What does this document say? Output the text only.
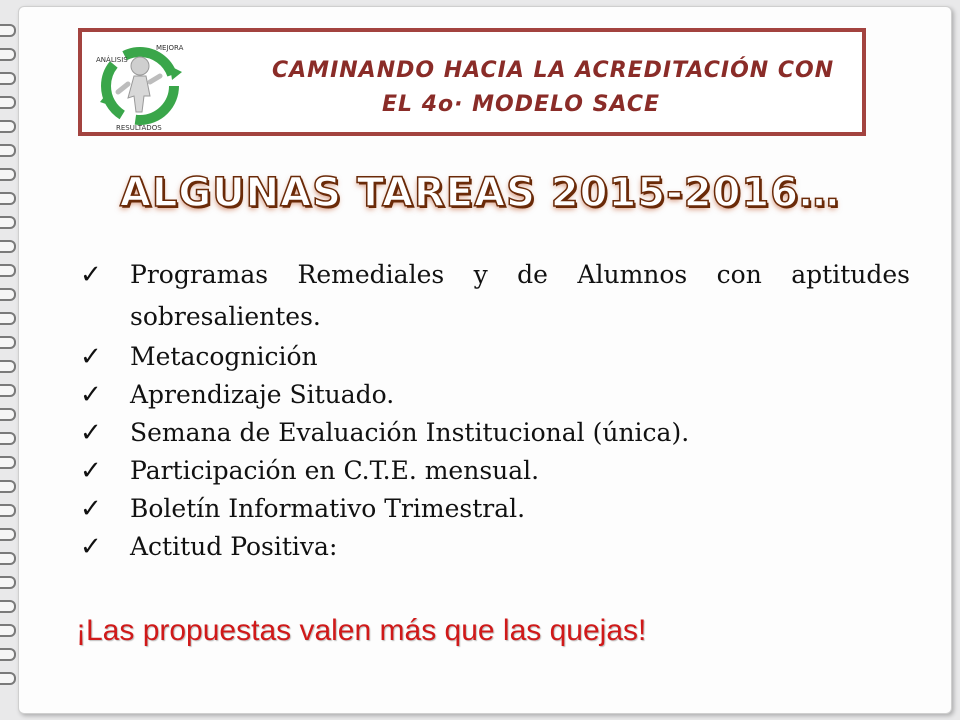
ANÁLISIS
MEJORA
RESULTADOS
CAMINANDO HACIA LA ACREDITACIÓN CON
EL 4o· MODELO SACE
ALGUNAS TAREAS 2015-2016…
✓ Programas Remediales y de Alumnos con aptitudes sobresalientes.
✓ Metacognición
✓ Aprendizaje Situado.
✓ Semana de Evaluación Institucional (única).
✓ Participación en C.T.E. mensual.
✓ Boletín Informativo Trimestral.
✓ Actitud Positiva:
¡Las propuestas valen más que las quejas!
